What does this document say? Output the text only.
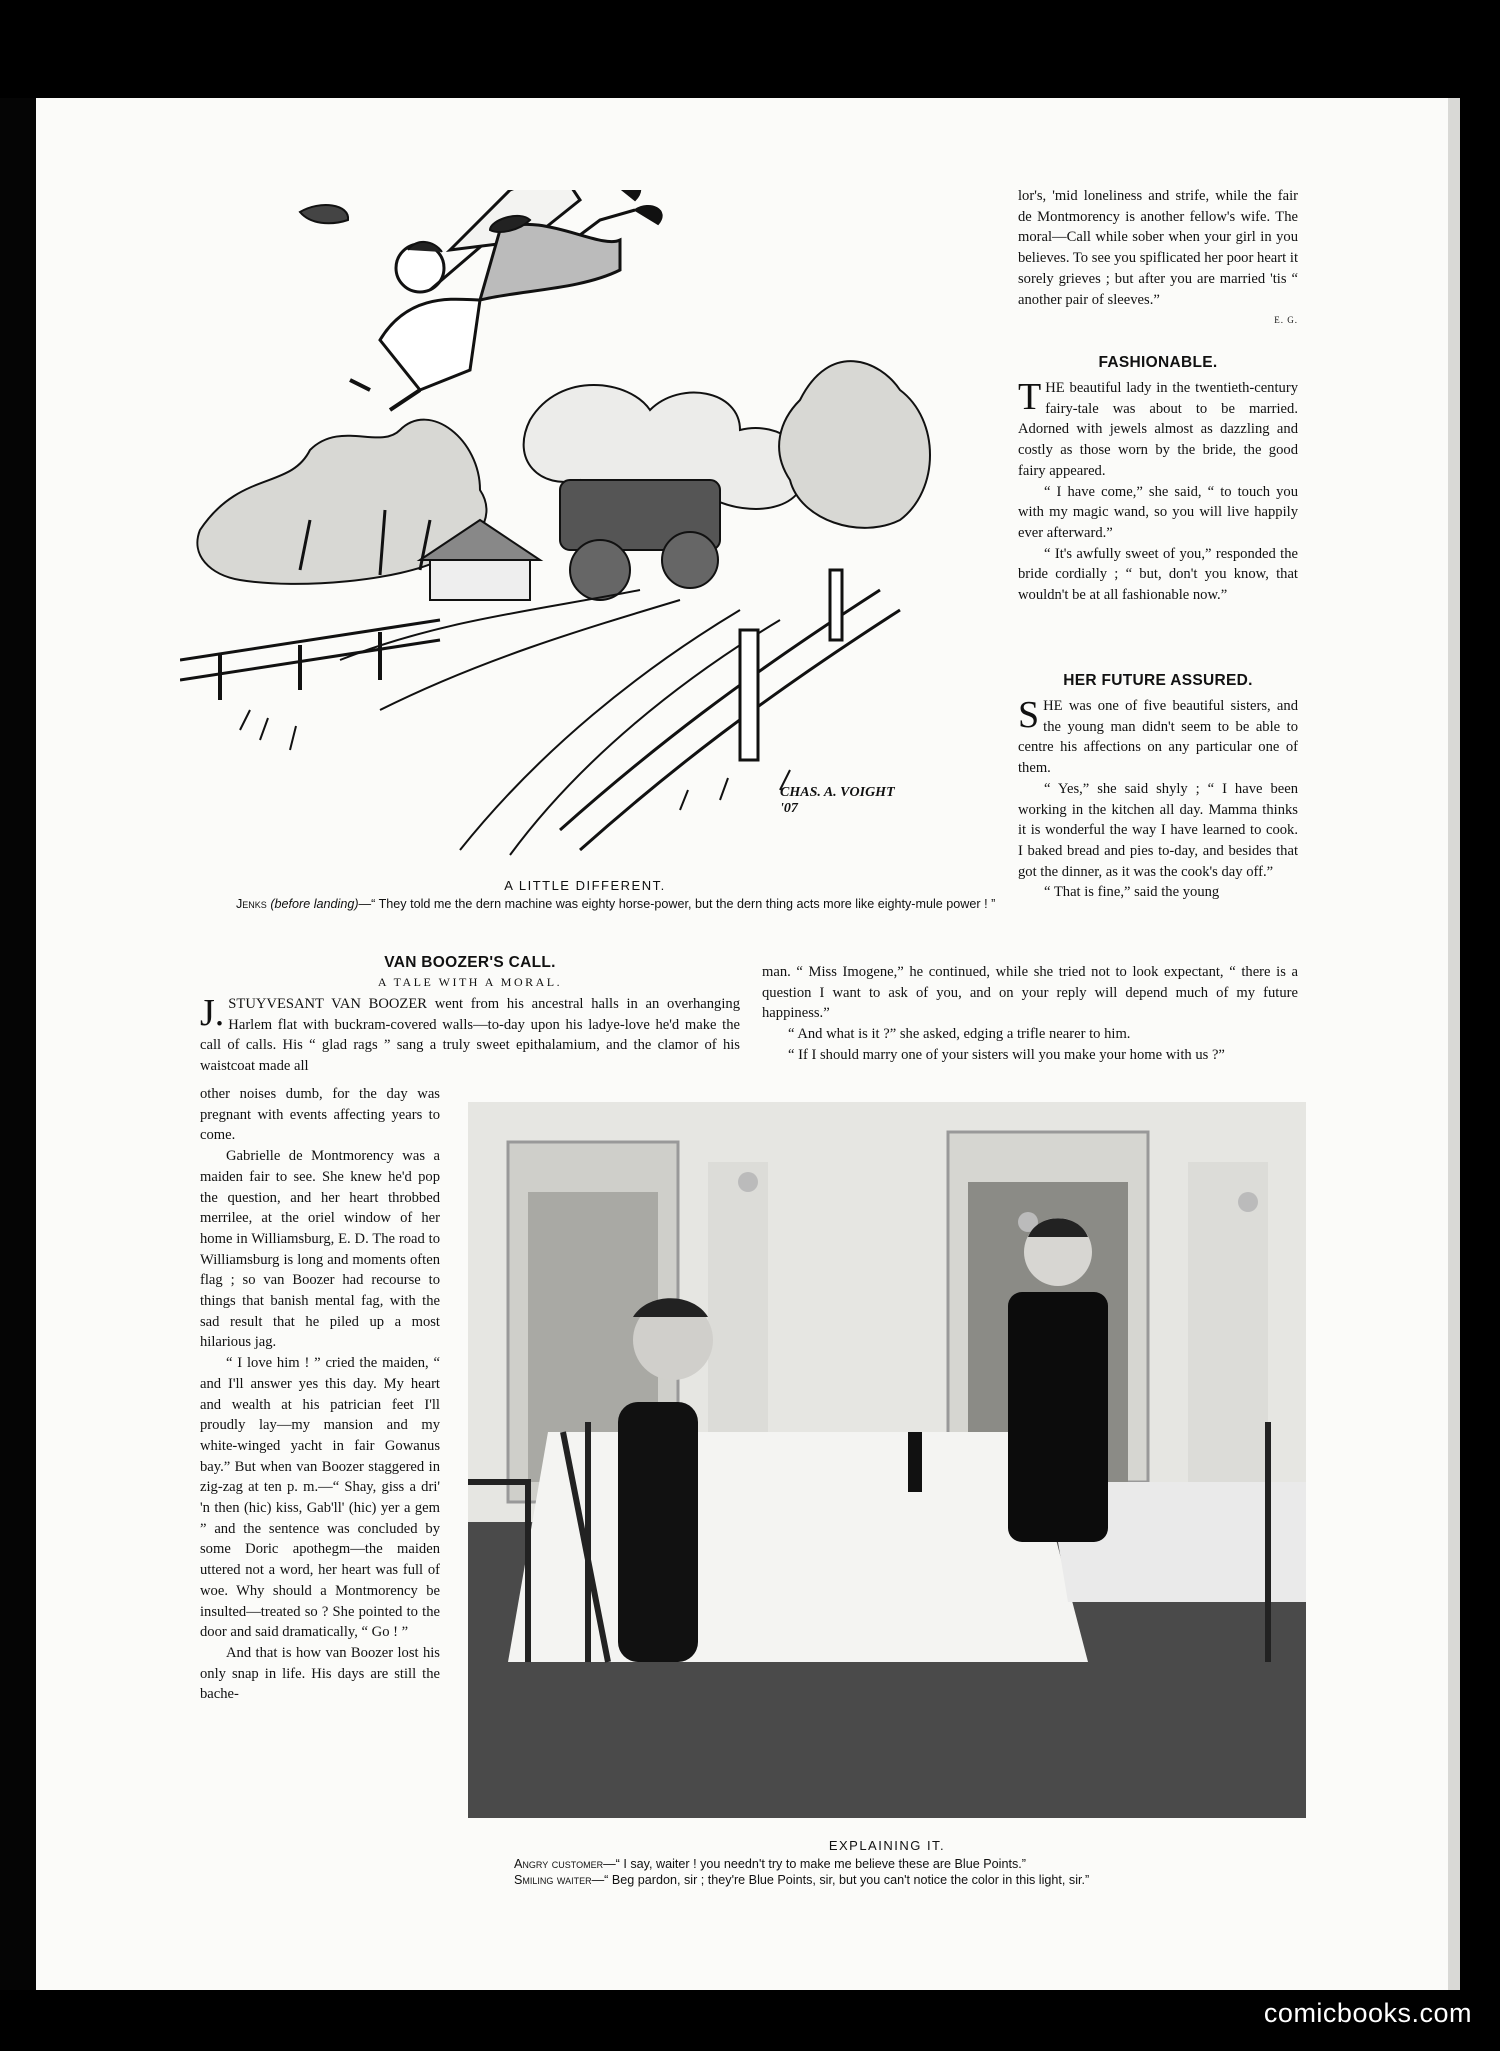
CHAS. A. VOIGHT '07
A LITTLE DIFFERENT.
Jenks (before landing)—“ They told me the dern machine was eighty horse-power, but the dern thing acts more like eighty-mule power ! ”

lor's, 'mid loneliness and strife, while the fair de Montmorency is another fellow's wife. The moral—Call while sober when your girl in you believes. To see you spiflicated her poor heart it sorely grieves ; but after you are married 'tis “ another pair of sleeves.”

E. G.
FASHIONABLE.

THE beautiful lady in the twentieth-century fairy-tale was about to be married. Adorned with jewels almost as dazzling and costly as those worn by the bride, the good fairy appeared.

“ I have come,” she said, “ to touch you with my magic wand, so you will live happily ever afterward.”

“ It's awfully sweet of you,” responded the bride cordially ; “ but, don't you know, that wouldn't be at all fashionable now.”

HER FUTURE ASSURED.

SHE was one of five beautiful sisters, and the young man didn't seem to be able to centre his affections on any particular one of them.

“ Yes,” she said shyly ; “ I have been working in the kitchen all day. Mamma thinks it is wonderful the way I have learned to cook. I baked bread and pies to-day, and besides that got the dinner, as it was the cook's day off.”

“ That is fine,” said the young

man. “ Miss Imogene,” he continued, while she tried not to look expectant, “ there is a question I want to ask of you, and on your reply will depend much of my future happiness.”

“ And what is it ?” she asked, edging a trifle nearer to him.

“ If I should marry one of your sisters will you make your home with us ?”

VAN BOOZER'S CALL.
A TALE WITH A MORAL.

J. STUYVESANT VAN BOOZER went from his ancestral halls in an overhanging Harlem flat with buckram-covered walls—to-day upon his ladye-love he'd make the call of calls. His “ glad rags ” sang a truly sweet epithalamium, and the clamor of his waistcoat made all

other noises dumb, for the day was pregnant with events affecting years to come.

Gabrielle de Montmorency was a maiden fair to see. She knew he'd pop the question, and her heart throbbed merrilee, at the oriel window of her home in Williamsburg, E. D. The road to Williamsburg is long and moments often flag ; so van Boozer had recourse to things that banish mental fag, with the sad result that he piled up a most hilarious jag.

“ I love him ! ” cried the maiden, “ and I'll answer yes this day. My heart and wealth at his patrician feet I'll proudly lay—my mansion and my white-winged yacht in fair Gowanus bay.” But when van Boozer staggered in zig-zag at ten p. m.—“ Shay, giss a dri' 'n then (hic) kiss, Gab'll' (hic) yer a gem ” and the sentence was concluded by some Doric apothegm—the maiden uttered not a word, her heart was full of woe. Why should a Montmorency be insulted—treated so ? She pointed to the door and said dramatically, “ Go ! ”

And that is how van Boozer lost his only snap in life. His days are still the bache-

EXPLAINING IT.
Angry customer—“ I say, waiter ! you needn't try to make me believe these are Blue Points.”
Smiling waiter—“ Beg pardon, sir ; they're Blue Points, sir, but you can't notice the color in this light, sir.”
comicbooks.com
